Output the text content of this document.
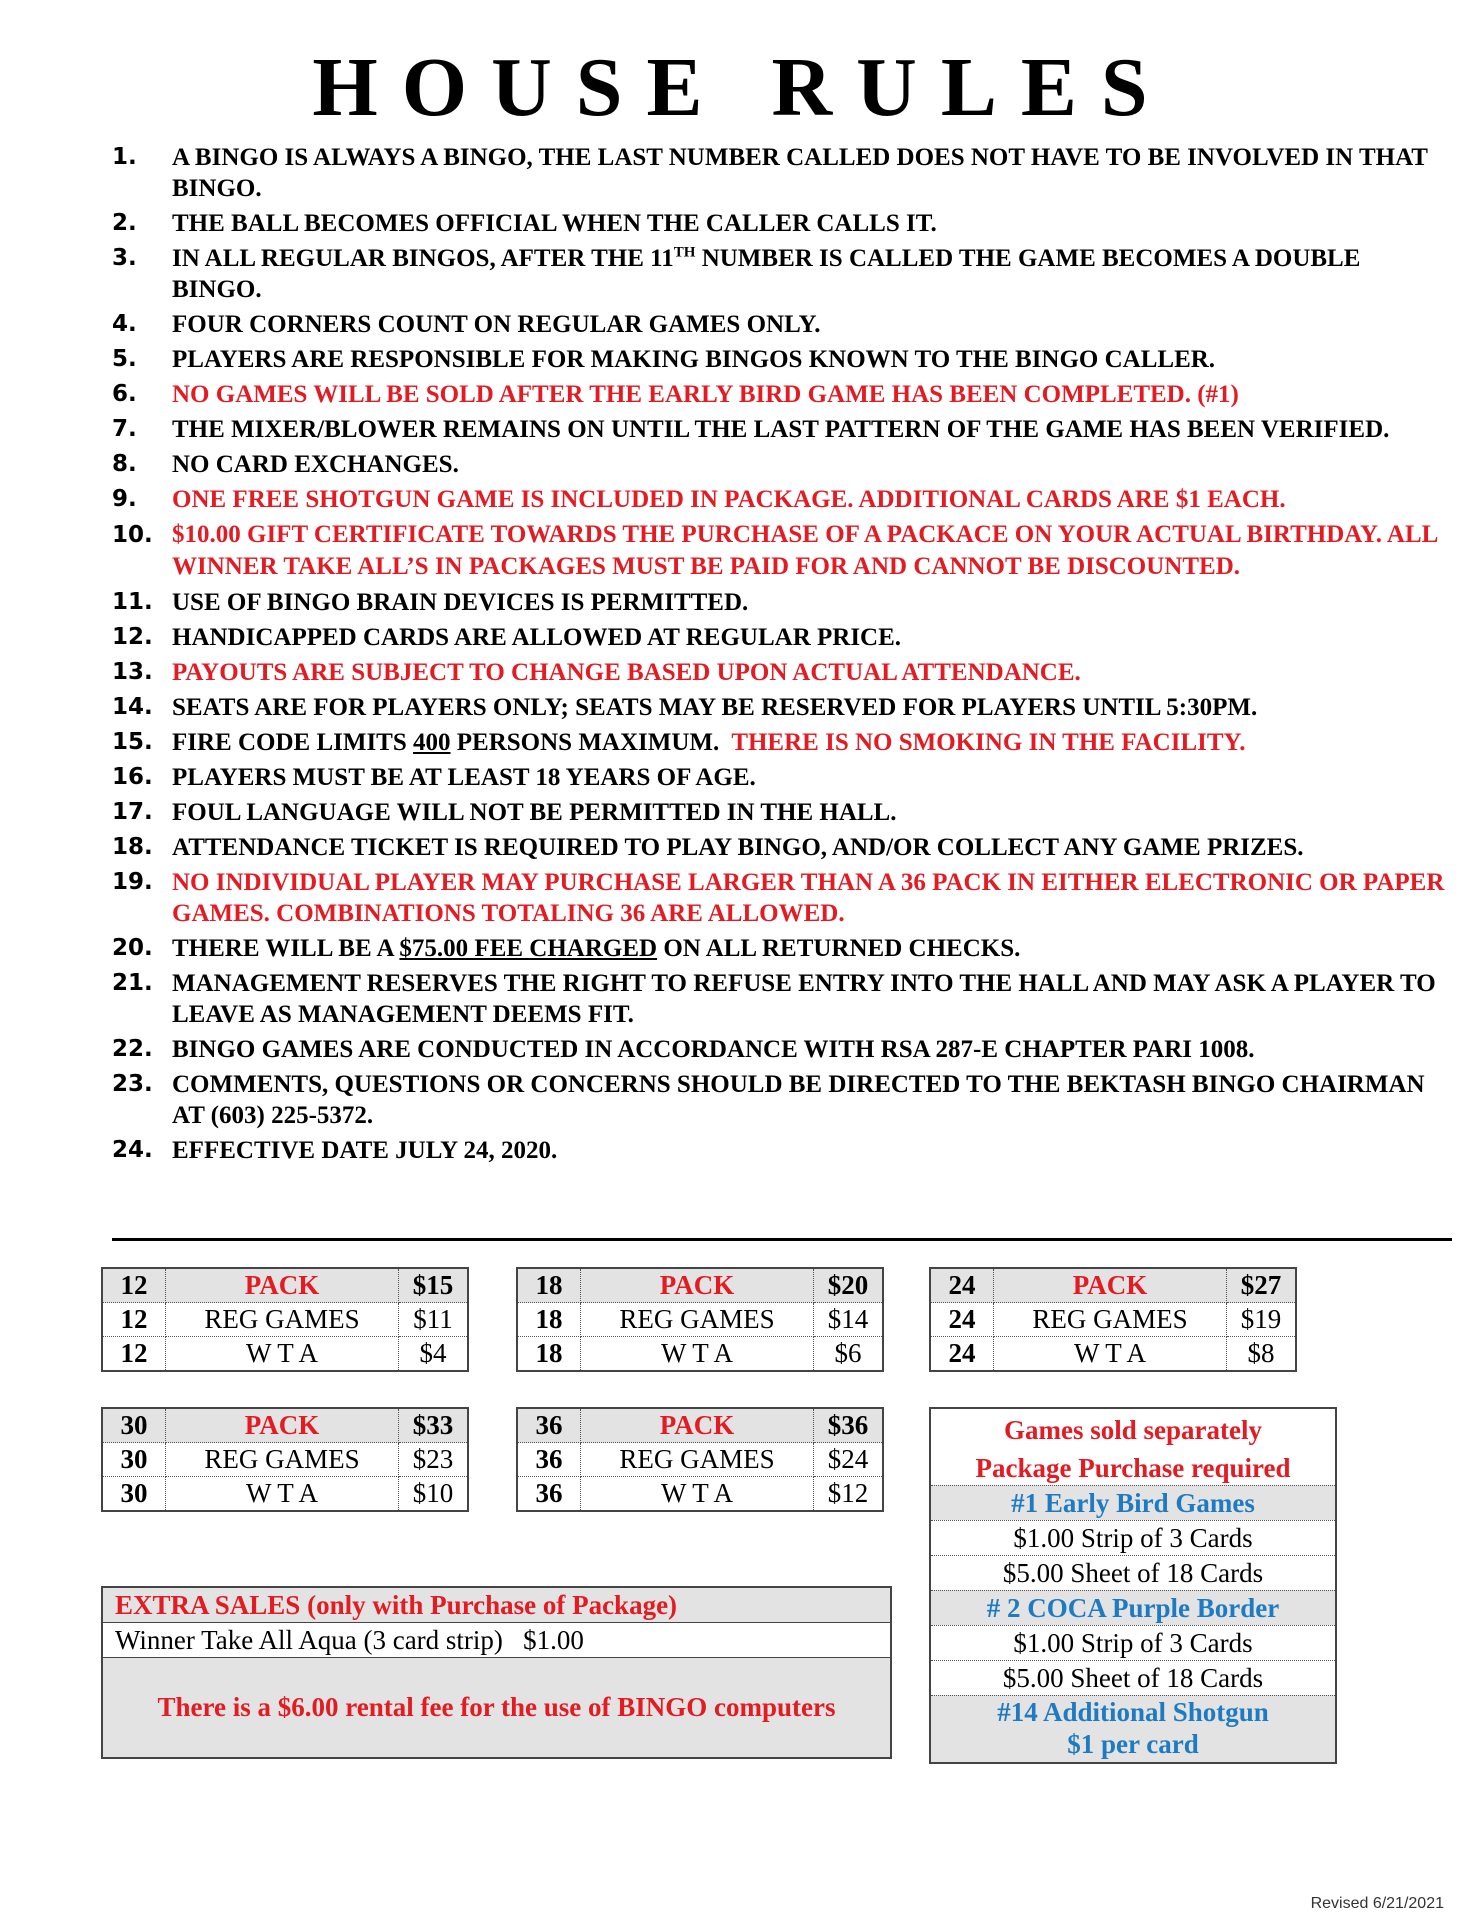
HOUSE RULES
1. A BINGO IS ALWAYS A BINGO, THE LAST NUMBER CALLED DOES NOT HAVE TO BE INVOLVED IN THAT BINGO.
2. THE BALL BECOMES OFFICIAL WHEN THE CALLER CALLS IT.
3. IN ALL REGULAR BINGOS, AFTER THE 11TH NUMBER IS CALLED THE GAME BECOMES A DOUBLE BINGO.
4. FOUR CORNERS COUNT ON REGULAR GAMES ONLY.
5. PLAYERS ARE RESPONSIBLE FOR MAKING BINGOS KNOWN TO THE BINGO CALLER.
6. NO GAMES WILL BE SOLD AFTER THE EARLY BIRD GAME HAS BEEN COMPLETED. (#1)
7. THE MIXER/BLOWER REMAINS ON UNTIL THE LAST PATTERN OF THE GAME HAS BEEN VERIFIED.
8. NO CARD EXCHANGES.
9. ONE FREE SHOTGUN GAME IS INCLUDED IN PACKAGE. ADDITIONAL CARDS ARE $1 EACH.
10. $10.00 GIFT CERTIFICATE TOWARDS THE PURCHASE OF A PACKACE ON YOUR ACTUAL BIRTHDAY. ALL WINNER TAKE ALL’S IN PACKAGES MUST BE PAID FOR AND CANNOT BE DISCOUNTED.
11. USE OF BINGO BRAIN DEVICES IS PERMITTED.
12. HANDICAPPED CARDS ARE ALLOWED AT REGULAR PRICE.
13. PAYOUTS ARE SUBJECT TO CHANGE BASED UPON ACTUAL ATTENDANCE.
14. SEATS ARE FOR PLAYERS ONLY; SEATS MAY BE RESERVED FOR PLAYERS UNTIL 5:30PM.
15. FIRE CODE LIMITS 400 PERSONS MAXIMUM.  THERE IS NO SMOKING IN THE FACILITY.
16. PLAYERS MUST BE AT LEAST 18 YEARS OF AGE.
17. FOUL LANGUAGE WILL NOT BE PERMITTED IN THE HALL.
18. ATTENDANCE TICKET IS REQUIRED TO PLAY BINGO, AND/OR COLLECT ANY GAME PRIZES.
19. NO INDIVIDUAL PLAYER MAY PURCHASE LARGER THAN A 36 PACK IN EITHER ELECTRONIC OR PAPER GAMES. COMBINATIONS TOTALING 36 ARE ALLOWED.
20. THERE WILL BE A $75.00 FEE CHARGED ON ALL RETURNED CHECKS.
21. MANAGEMENT RESERVES THE RIGHT TO REFUSE ENTRY INTO THE HALL AND MAY ASK A PLAYER TO LEAVE AS MANAGEMENT DEEMS FIT.
22. BINGO GAMES ARE CONDUCTED IN ACCORDANCE WITH RSA 287-E CHAPTER PARI 1008.
23. COMMENTS, QUESTIONS OR CONCERNS SHOULD BE DIRECTED TO THE BEKTASH BINGO CHAIRMAN AT (603) 225-5372.
24. EFFECTIVE DATE JULY 24, 2020.
12	PACK	$15
12	REG GAMES	$11
12	W T A	$4
18	PACK	$20
18	REG GAMES	$14
18	W T A	$6
24	PACK	$27
24	REG GAMES	$19
24	W T A	$8
30	PACK	$33
30	REG GAMES	$23
30	W T A	$10
36	PACK	$36
36	REG GAMES	$24
36	W T A	$12
EXTRA SALES (only with Purchase of Package)
Winner Take All Aqua (3 card strip)   $1.00
There is a $6.00 rental fee for the use of BINGO computers
Games sold separately
Package Purchase required
#1 Early Bird Games
$1.00 Strip of 3 Cards
$5.00 Sheet of 18 Cards
# 2 COCA Purple Border
$1.00 Strip of 3 Cards
$5.00 Sheet of 18 Cards
#14 Additional Shotgun
$1 per card
Revised 6/21/2021
